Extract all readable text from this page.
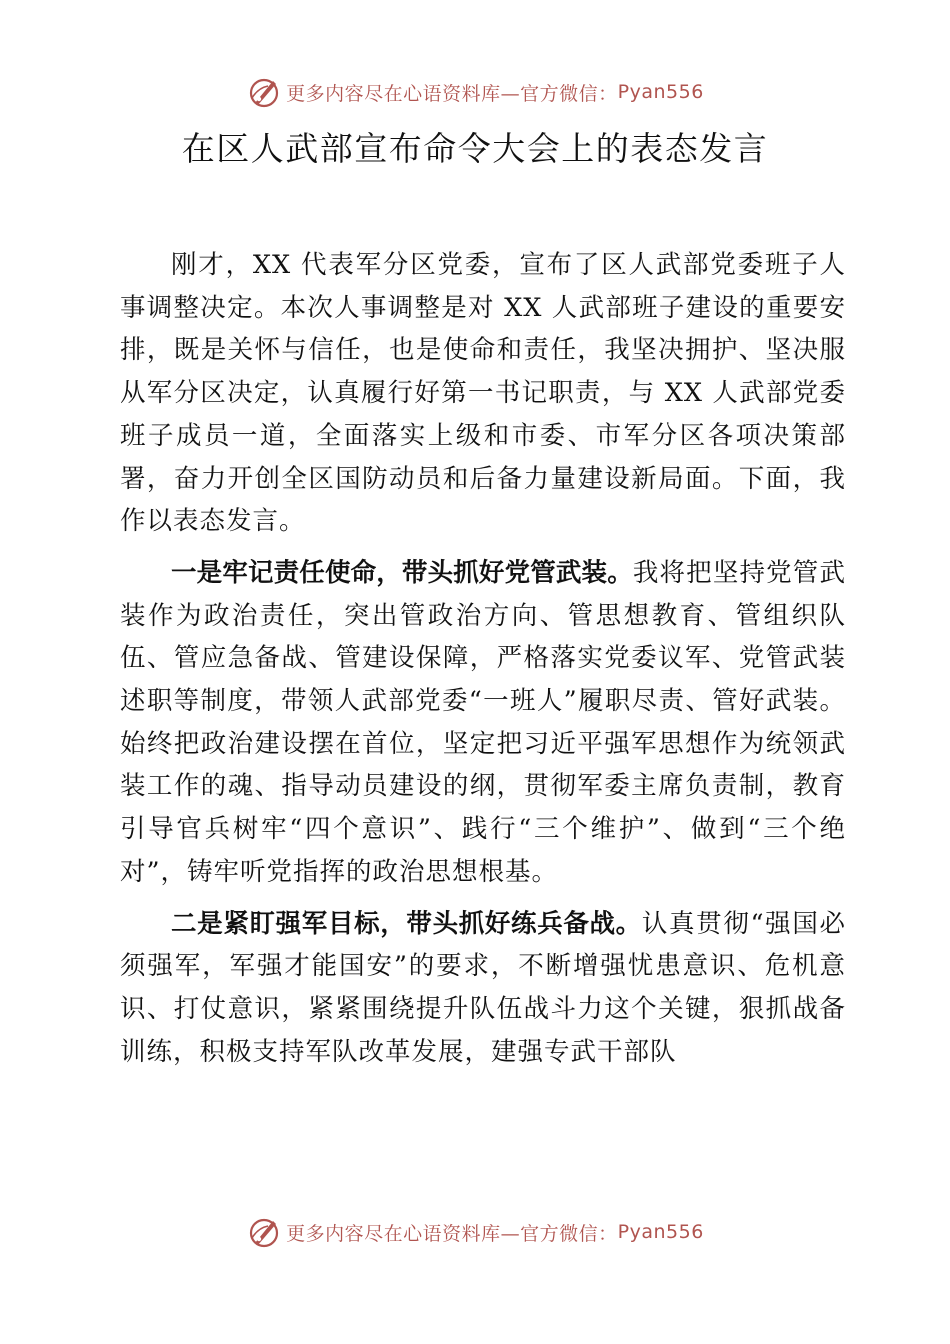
更多内容尽在心语资料库—官方微信： Pyan556
在区人武部宣布命令大会上的表态发言

刚才，XX 代表军分区党委，宣布了区人武部党委班子人事调整决定。本次人事调整是对 XX 人武部班子建设的重要安排，既是关怀与信任，也是使命和责任，我坚决拥护、坚决服从军分区决定，认真履行好第一书记职责，与 XX 人武部党委班子成员一道，全面落实上级和市委、市军分区各项决策部署，奋力开创全区国防动员和后备力量建设新局面。下面，我作以表态发言。

一是牢记责任使命，带头抓好党管武装。我将把坚持党管武装作为政治责任，突出管政治方向、管思想教育、管组织队伍、管应急备战、管建设保障，严格落实党委议军、党管武装述职等制度，带领人武部党委“一班人”履职尽责、管好武装。始终把政治建设摆在首位，坚定把习近平强军思想作为统领武装工作的魂、指导动员建设的纲，贯彻军委主席负责制，教育引导官兵树牢“四个意识”、践行“三个维护”、做到“三个绝对”，铸牢听党指挥的政治思想根基。

二是紧盯强军目标，带头抓好练兵备战。认真贯彻“强国必须强军，军强才能国安”的要求，不断增强忧患意识、危机意识、打仗意识，紧紧围绕提升队伍战斗力这个关键，狠抓战备训练，积极支持军队改革发展，建强专武干部队

更多内容尽在心语资料库—官方微信： Pyan556
